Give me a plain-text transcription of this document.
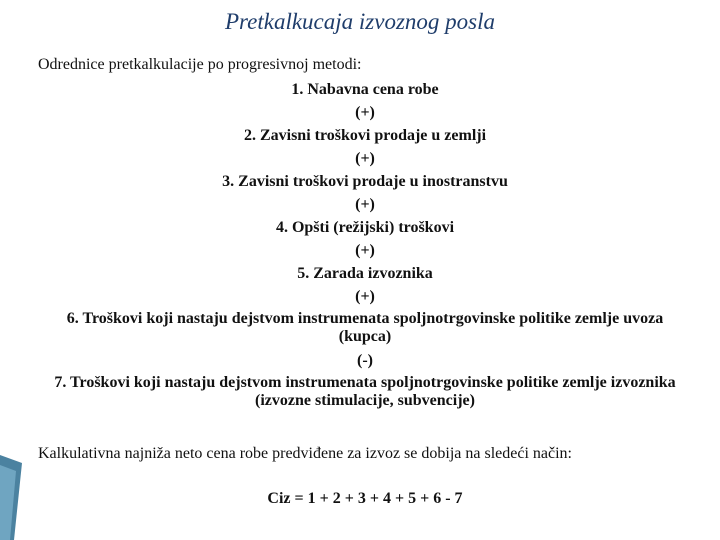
Pretkalkucaja izvoznog posla
Odrednice pretkalkulacije po progresivnoj metodi:
1. Nabavna cena robe
(+)
2. Zavisni troškovi prodaje u zemlji
(+)
3. Zavisni troškovi prodaje u inostranstvu
(+)
4. Opšti (režijski) troškovi
(+)
5. Zarada izvoznika
(+)
6. Troškovi koji nastaju dejstvom instrumenata spoljnotrgovinske politike zemlje uvoza (kupca)
(-)
7. Troškovi koji nastaju dejstvom instrumenata spoljnotrgovinske politike zemlje izvoznika (izvozne stimulacije, subvencije)
Kalkulativna najniža neto cena robe predviđene za izvoz se dobija na sledeći način:
Ciz = 1 + 2 + 3 + 4 + 5 + 6 - 7
